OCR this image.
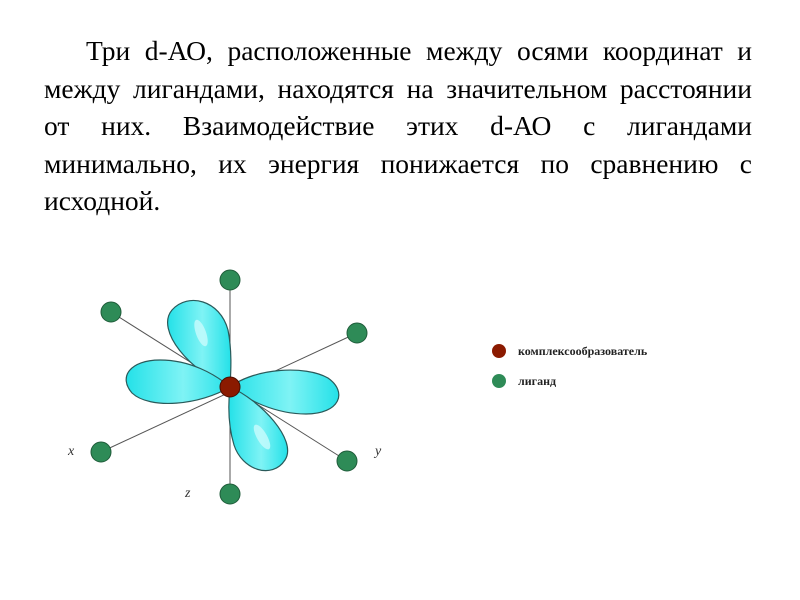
Три d-АО, расположенные между осями координат и между лигандами, находятся на значительном расстоянии от них. Взаимодействие этих d-АО с лигандами минимально, их энергия понижается по сравнению с исходной.
x	y
z
комплексообразователь
лиганд
